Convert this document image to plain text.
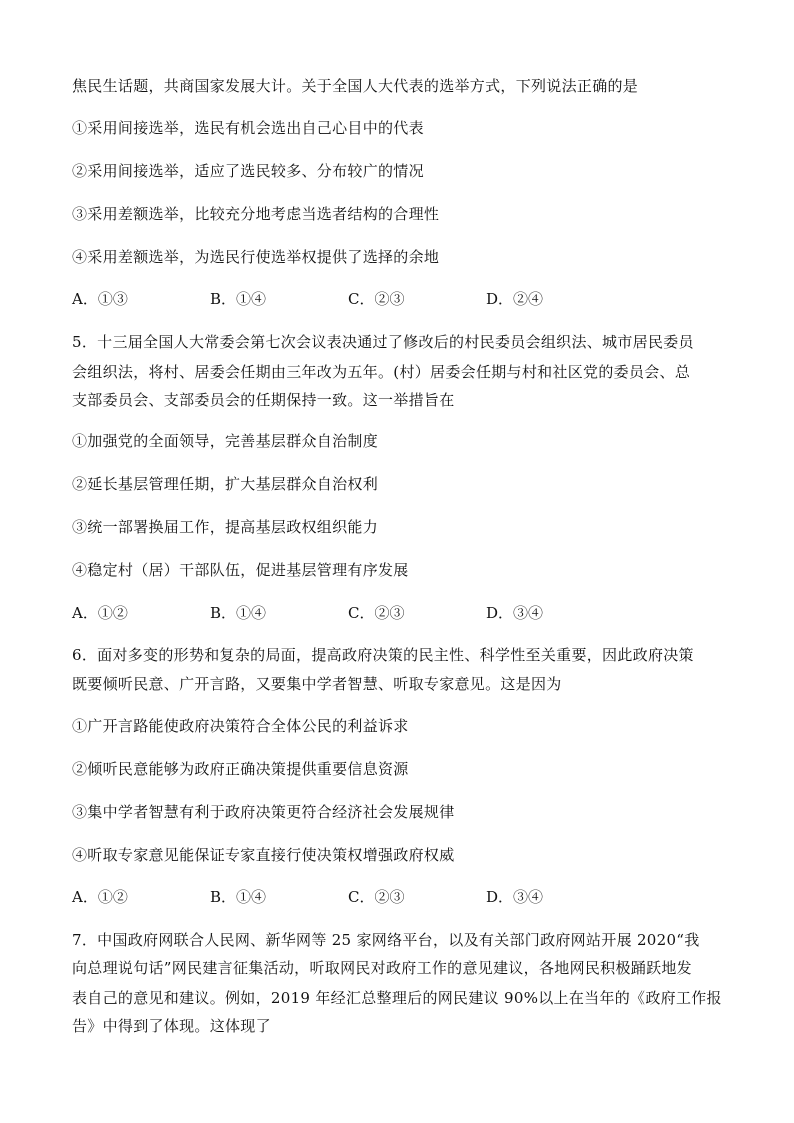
焦民生话题，共商国家发展大计。关于全国人大代表的选举方式，下列说法正确的是
①采用间接选举，选民有机会选出自己心目中的代表
②采用间接选举，适应了选民较多、分布较广的情况
③采用差额选举，比较充分地考虑当选者结构的合理性
④采用差额选举，为选民行使选举权提供了选择的余地
A．①③	B．①④	C．②③	D．②④
5．十三届全国人大常委会第七次会议表决通过了修改后的村民委员会组织法、城市居民委员
会组织法，将村、居委会任期由三年改为五年。(村）居委会任期与村和社区党的委员会、总
支部委员会、支部委员会的任期保持一致。这一举措旨在
①加强党的全面领导，完善基层群众自治制度
②延长基层管理任期，扩大基层群众自治权利
③统一部署换届工作，提高基层政权组织能力
④稳定村（居）干部队伍，促进基层管理有序发展
A．①②	B．①④	C．②③	D．③④
6．面对多变的形势和复杂的局面，提高政府决策的民主性、科学性至关重要，因此政府决策
既要倾听民意、广开言路，又要集中学者智慧、听取专家意见。这是因为
①广开言路能使政府决策符合全体公民的利益诉求
②倾听民意能够为政府正确决策提供重要信息资源
③集中学者智慧有利于政府决策更符合经济社会发展规律
④听取专家意见能保证专家直接行使决策权增强政府权威
A．①②	B．①④	C．②③	D．③④
7．中国政府网联合人民网、新华网等 25 家网络平台，以及有关部门政府网站开展 2020“我
向总理说句话”网民建言征集活动，听取网民对政府工作的意见建议，各地网民积极踊跃地发
表自己的意见和建议。例如，2019 年经汇总整理后的网民建议 90%以上在当年的《政府工作报
告》中得到了体现。这体现了
